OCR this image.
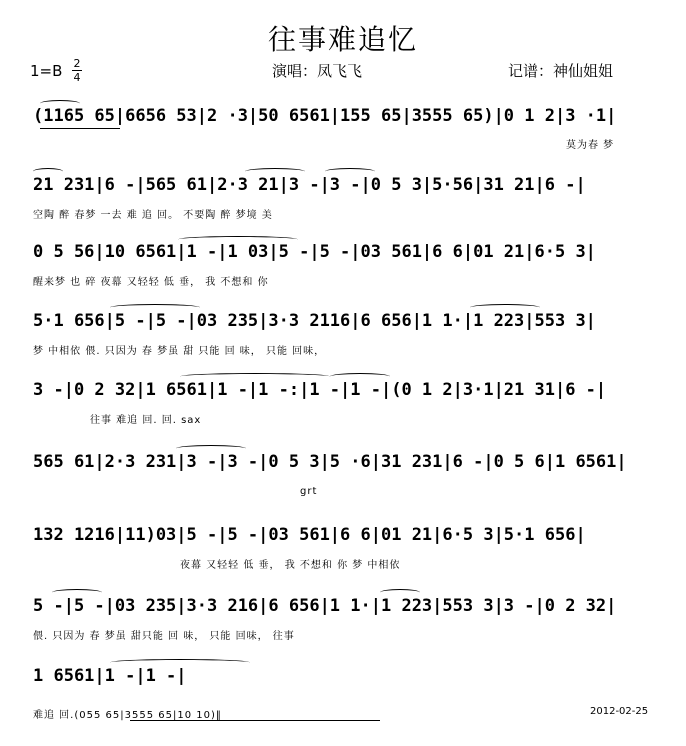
往事难追忆
1=B 2
4	演唱：凤飞飞	记谱：神仙姐姐
(1165 65|6656 53|2 ·3|50 6561|155 65|3555 65)|0 1 2|3 ·1|
莫为春 梦
21 231|6 -|565 61|2·3 21|3 -|3 -|0 5 3|5·56|31 21|6 -|
空陶 醉 春梦 一去 难 追 回。 不要陶 醉 梦境 美
0 5 56|10 6561|1 -|1 03|5 -|5 -|03 561|6 6|01 21|6·5 3|
醒来梦 也 碎 夜幕 又轻轻 低 垂， 我 不想和 你
5·1 656|5 -|5 -|03 235|3·3 2116|6 656|1 1·|1 223|553 3|
梦 中相依 偎. 只因为 春 梦虽 甜 只能 回 味， 只能 回味，
3 -|0 2 32|1 6561|1 -|1 -:|1 -|1 -|(0 1 2|3·1|21 31|6 -|
往事 难追 回. 回. sax
565 61|2·3 231|3 -|3 -|0 5 3|5 ·6|31 231|6 -|0 5 6|1 6561|
grt
132 1216|11)03|5 -|5 -|03 561|6 6|01 21|6·5 3|5·1 656|
夜幕 又轻轻 低 垂， 我 不想和 你 梦 中相依
5 -|5 -|03 235|3·3 216|6 656|1 1·|1 223|553 3|3 -|0 2 32|
偎. 只因为 春 梦虽 甜只能 回 味， 只能 回味， 往事
1 6561|1 -|1 -|
难追 回.(055 65|3555 65|10 10)‖	2012-02-25
